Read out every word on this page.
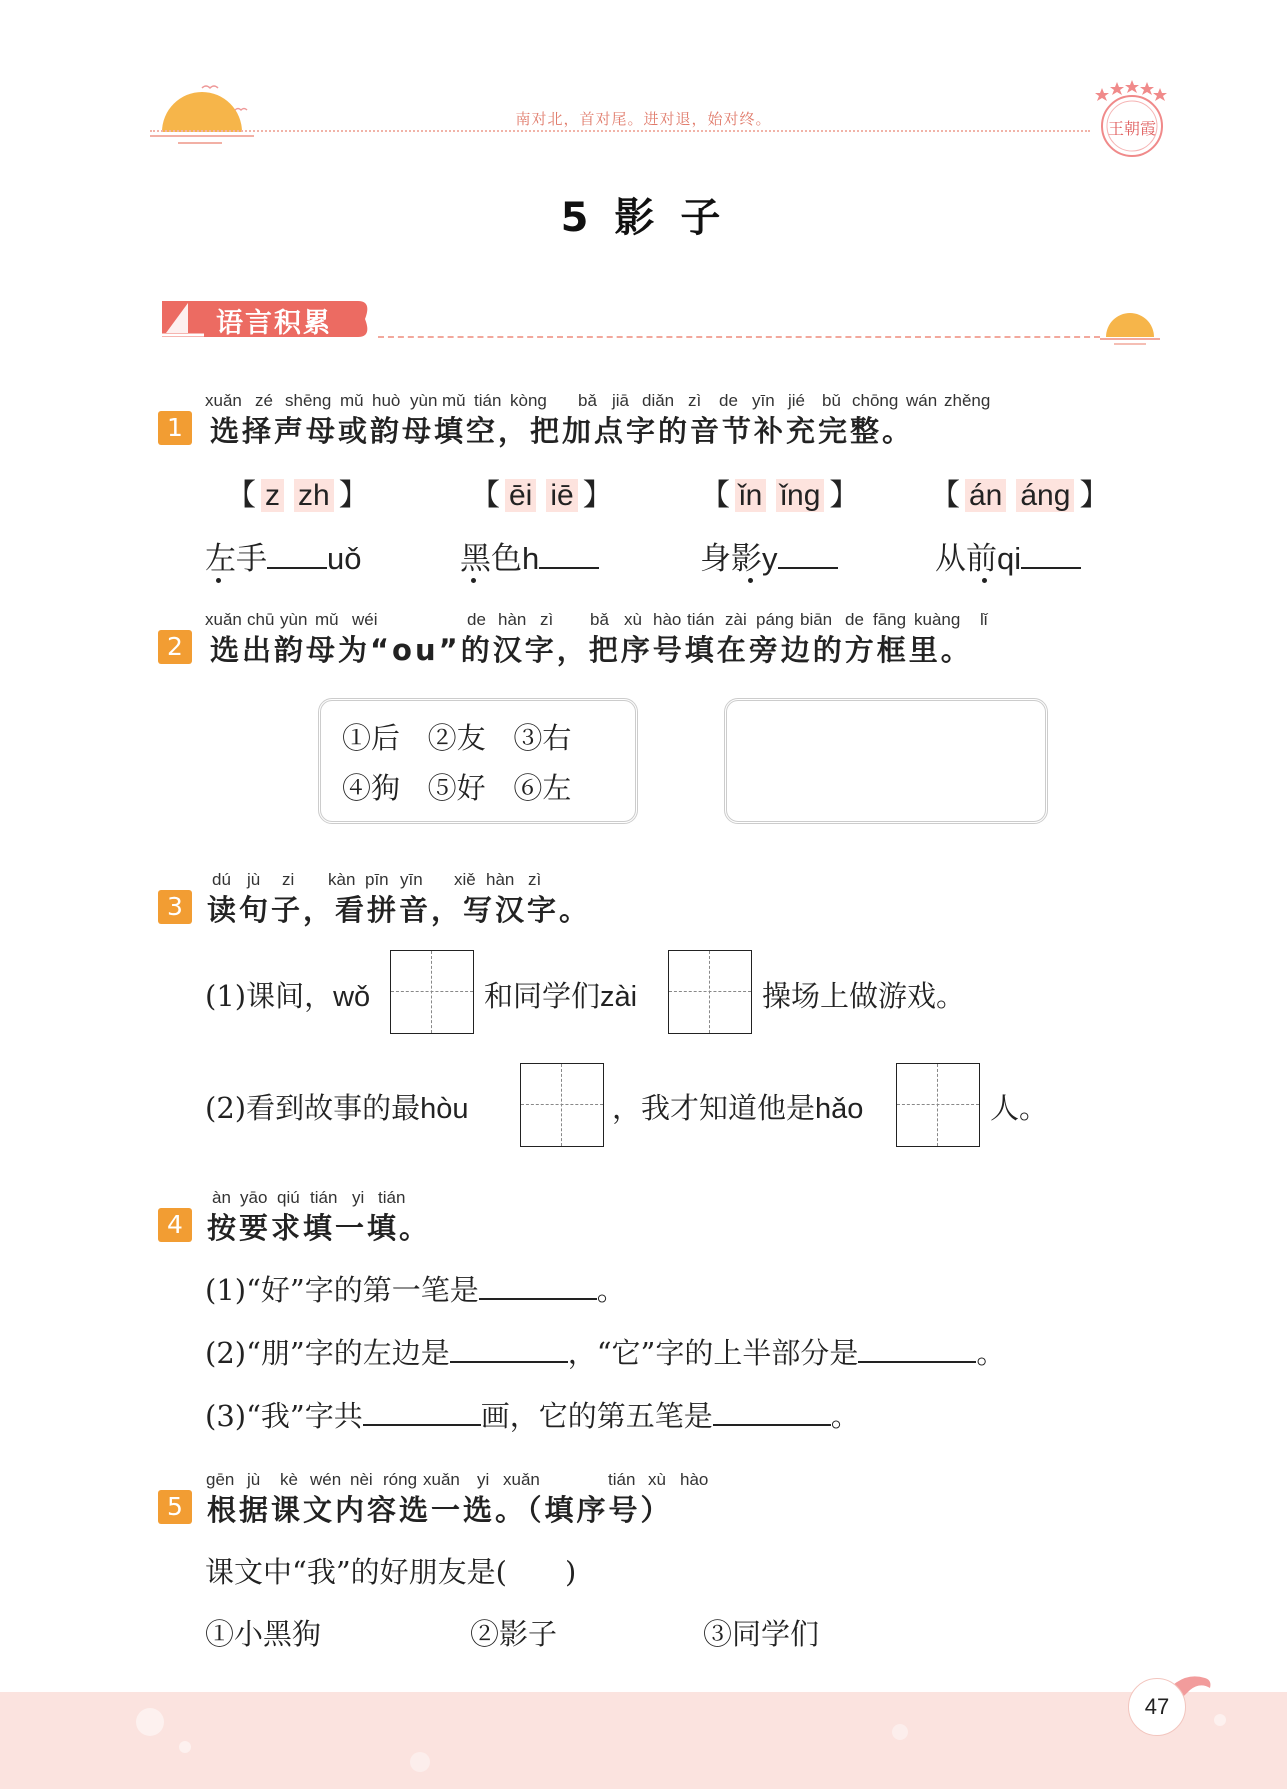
南对北，首对尾。进对退，始对终。	王朝霞
5 影 子
语言积累
xuǎn zé shēng mǔ huò yùn mǔ tián kòng bǎ jiā diǎn zì de yīn jié bǔ chōng wán zhěng
1 选择声母或韵母填空，把加点字的音节补充完整。
【 z zh 】	【 ēi iē 】	【 ǐn ǐng 】 【 án áng 】
左手 uǒ	黑色h	身影y	从前qi
xuǎn chū yùn mǔ wéi	de hàn zì bǎ xù hào tián zài páng biān de fāng kuàng lǐ
2 选出韵母为“ou”的汉字，把序号填在旁边的方框里。
①后 ②友 ③右
④狗 ⑤好 ⑥左
dú jù zi kàn pīn yīn xiě hàn zì
3 读句子，看拼音，写汉字。
(1)课间，wǒ	和同学们zài	操场上做游戏。
(2)看到故事的最hòu	，我才知道他是hǎo	人。
àn yāo qiú tián yi tián
4 按要求填一填。
(1)“好”字的第一笔是	。
(2)“朋”字的左边是	，“它”字的上半部分是	。
(3)“我”字共	画，它的第五笔是	。
gēn jù kè wén nèi róng xuǎn yi xuǎn	tián xù hào
5 根据课文内容选一选。（填序号）
课文中“我”的好朋友是(　　)
①小黑狗	②影子	③同学们
47
